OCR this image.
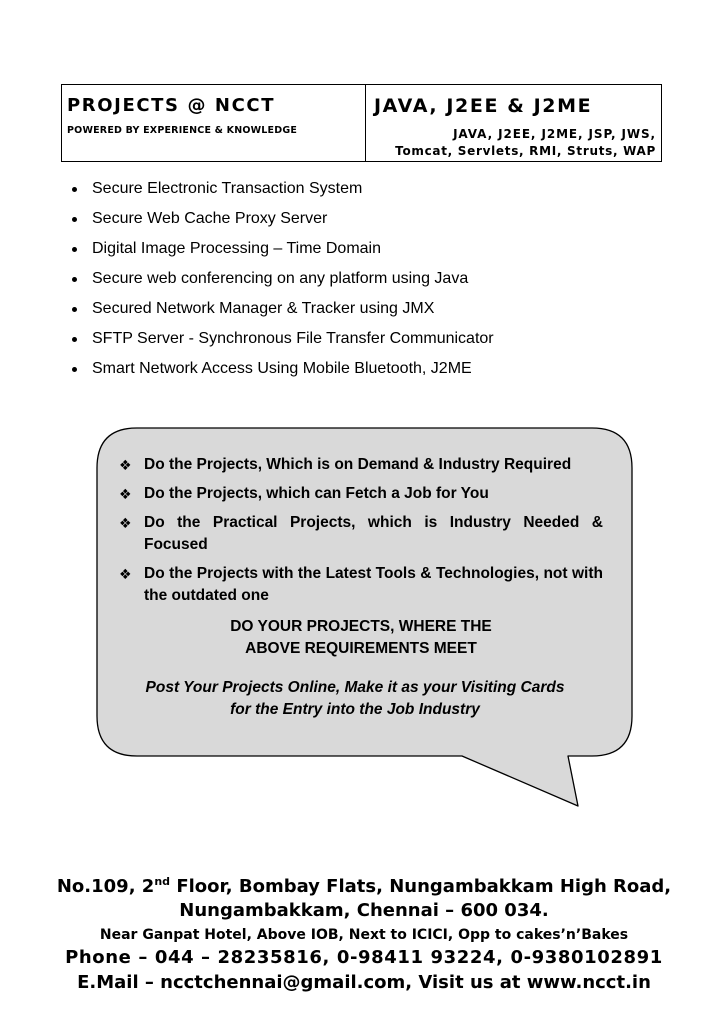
PROJECTS @ NCCT
POWERED BY EXPERIENCE & KNOWLEDGE
JAVA, J2EE & J2ME
JAVA, J2EE, J2ME, JSP, JWS,
Tomcat, Servlets, RMI, Struts, WAP
Secure Electronic Transaction System
Secure Web Cache Proxy Server
Digital Image Processing – Time Domain
Secure web conferencing on any platform using Java
Secured Network Manager & Tracker using JMX
SFTP Server - Synchronous File Transfer Communicator
Smart Network Access Using Mobile Bluetooth, J2ME
❖ Do the Projects, Which is on Demand & Industry Required
❖ Do the Projects, which can Fetch a Job for You
❖ Do the Practical Projects, which is Industry Needed & Focused
❖ Do the Projects with the Latest Tools & Technologies, not with the outdated one
DO YOUR PROJECTS, WHERE THE
ABOVE REQUIREMENTS MEET
Post Your Projects Online, Make it as your Visiting Cards
for the Entry into the Job Industry
No.109, 2nd Floor, Bombay Flats, Nungambakkam High Road,
Nungambakkam, Chennai – 600 034.
Near Ganpat Hotel, Above IOB, Next to ICICI, Opp to cakes’n’Bakes
Phone – 044 – 28235816, 0-98411 93224, 0-9380102891
E.Mail – ncctchennai@gmail.com, Visit us at www.ncct.in
